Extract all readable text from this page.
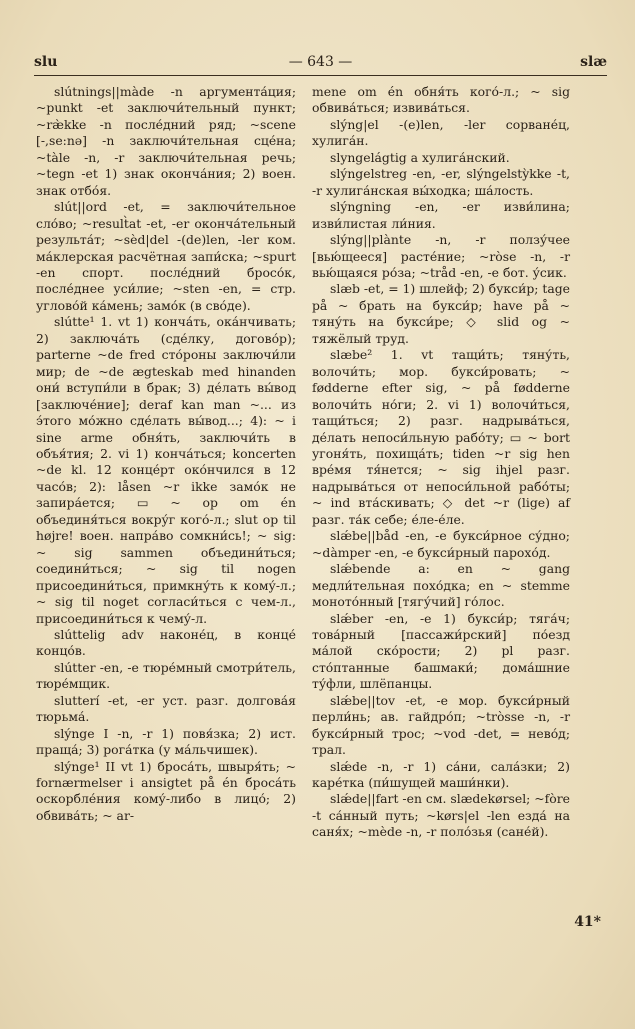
slu	— 643 —	slæ

slútnings||màde -n аргумента́ция; ~punkt -et заключи́тельный пункт; ~ræ̀kke -n после́дний ряд; ~scene [-,se:nə] -n заключи́тельная сце́на; ~tàle -n, -r заключи́тельная речь; ~tegn -et 1) знак оконча́ния; 2) воен. знак отбо́я.

slút||ord -et, = заключи́тельное сло́во; ~result̀at -et, -er оконча́тельный результа́т; ~sèd|del -(de)len, -ler ком. ма́клерская расчётная запи́ска; ~spurt -en спорт. после́дний бросо́к, после́днее уси́лие; ~sten -en, = стр. углово́й ка́мень; замо́к (в сво́де).

slútte¹ 1. vt 1) конча́ть, ока́нчивать; 2) заключа́ть (сде́лку, догово́р); parterne ~de fred сто́роны заключи́ли мир; de ~de ægteskab med hinanden они́ вступи́ли в брак; 3) де́лать вы́вод [заключе́ние]; deraf kan man ~... из э́того мо́жно сде́лать вы́вод...; 4): ~ i sine arme обня́ть, заключи́ть в объя́тия; 2. vi 1) конча́ться; koncerten ~de kl. 12 конце́рт око́нчился в 12 часо́в; 2): låsen ~r ikke замо́к не запира́ется; ▭ ~ op om én объединя́ться вокру́г кого́-л.; slut op til højre! воен. напра́во сомкни́сь!; ~ sig: ~ sig sammen объедини́ться; соедини́ться; ~ sig til nogen присоедини́ться, примкну́ть к кому́-л.; ~ sig til noget согласи́ться с чем-л., присоедини́ться к чему́-л.

slúttelig adv наконе́ц, в конце́ концо́в.

slútter -en, -e тюре́мный смотри́тель, тюре́мщик.

slutterí -et, -er уст. разг. долгова́я тюрьма́.

slýnge I -n, -r 1) повя́зка; 2) ист. праща́; 3) рога́тка (у ма́льчишек).

slýnge¹ II vt 1) броса́ть, швыря́ть; ~ fornærmelser i ansigtet på én броса́ть оскорбле́ния кому́-либо в лицо́; 2) обвива́ть; ~ ar-

mene om én обня́ть кого́-л.; ~ sig обвива́ться; извива́ться.

slýng|el -(e)len, -ler сорване́ц, хулига́н.

slyngelágtig a хулига́нский.

slýngelstreg -en, -er, slýngelstỳkke -t, -r хулига́нская вы́ходка; ша́лость.

slýngning -en, -er изви́лина; изви́листая ли́ния.

slýng||plànte -n, -r ползу́чее [вью́щееся] расте́ние; ~ròse -n, -r вью́щаяся ро́за; ~tråd -en, -e бот. у́сик.

slæb -et, = 1) шлейф; 2) букси́р; tage på ~ брать на букси́р; have på ~ тяну́ть на букси́ре; ◇ slid og ~ тяжёлый труд.

slæbe² 1. vt тащи́ть; тяну́ть, волочи́ть; мор. букси́ровать; ~ fødderne efter sig, ~ på fødderne волочи́ть но́ги; 2. vi 1) волочи́ться, тащи́ться; 2) разг. надрыва́ться, де́лать непоси́льную рабо́ту; ▭ ~ bort угоня́ть, похища́ть; tiden ~r sig hen вре́мя тя́нется; ~ sig ihjel разг. надрыва́ться от непоси́льной рабо́ты; ~ ind вта́скивать; ◇ det ~r (lige) af разг. та́к себе; е́ле-е́ле.

slǽbe||båd -en, -e букси́рное су́дно; ~dàmper -en, -e букси́рный парохо́д.

slǽbende a: en ~ gang медли́тельная похо́дка; en ~ stemme моното́нный [тягу́чий] го́лос.

slǽber -en, -e 1) букси́р; тяга́ч; това́рный [пассажи́рский] по́езд ма́лой ско́рости; 2) pl разг. сто́птанные башмаки́; дома́шние ту́фли, шлёпанцы.

slǽbe||tov -et, -e мор. букси́рный перли́нь; ав. гайдро́п; ~tròsse -n, -r букси́рный трос; ~vod -det, = нево́д; трал.

slǽde -n, -r 1) са́ни, сала́зки; 2) каре́тка (пи́шущей маши́нки).

slǽde||fart -en см. slædekørsel; ~fòre -t са́нный путь; ~kørs|el -len езда́ на саня́х; ~mède -n, -r поло́зья (сане́й).

41*
